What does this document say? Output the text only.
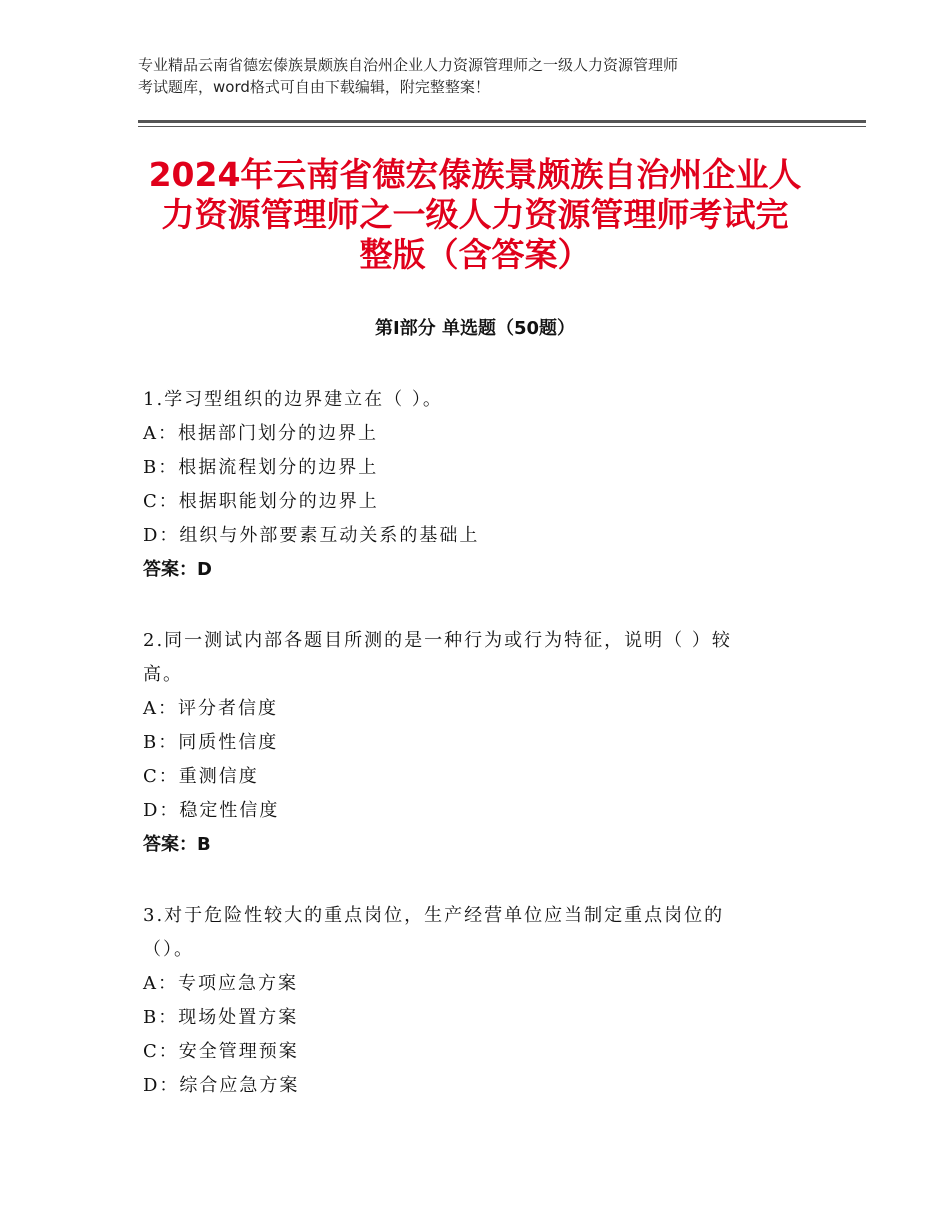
专业精品云南省德宏傣族景颇族自治州企业人力资源管理师之一级人力资源管理师
考试题库，word格式可自由下载编辑，附完整整案！
2024年云南省德宏傣族景颇族自治州企业人
力资源管理师之一级人力资源管理师考试完
整版（含答案）
第Ⅰ部分 单选题（50题）
1.学习型组织的边界建立在（ ）。
A：根据部门划分的边界上
B：根据流程划分的边界上
C：根据职能划分的边界上
D：组织与外部要素互动关系的基础上
答案：D
2.同一测试内部各题目所测的是一种行为或行为特征，说明（ ）较
高。
A：评分者信度
B：同质性信度
C：重测信度
D：稳定性信度
答案：B
3.对于危险性较大的重点岗位，生产经营单位应当制定重点岗位的
（）。
A：专项应急方案
B：现场处置方案
C：安全管理预案
D：综合应急方案
